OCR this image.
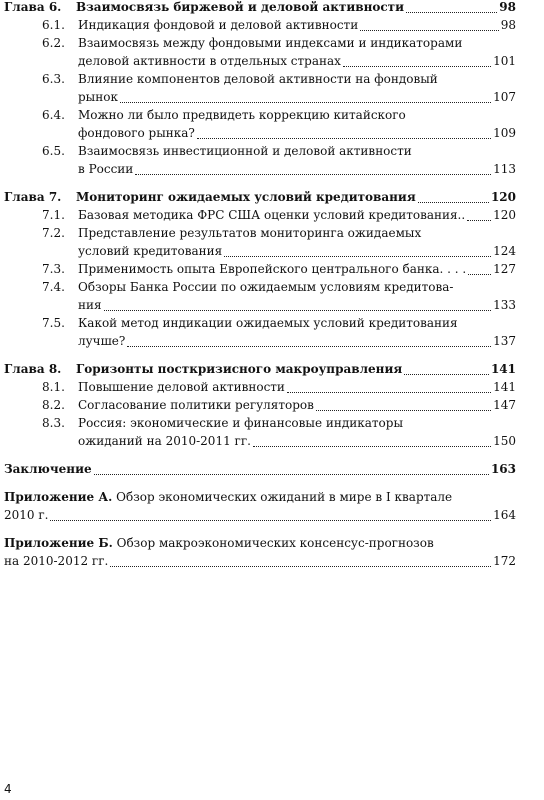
Глава 6.	Взаимосвязь биржевой и деловой активности	98
6.1.	Индикация фондовой и деловой активности	98
6.2.	Взаимосвязь между фондовыми индексами и индикаторами
деловой активности в отдельных странах	101
6.3.	Влияние компонентов деловой активности на фондовый
рынок	107
6.4.	Можно ли было предвидеть коррекцию китайского
фондового рынка?	109
6.5.	Взаимосвязь инвестиционной и деловой активности
в России	113
Глава 7.	Мониторинг ожидаемых условий кредитования	120
7.1.	Базовая методика ФРС США оценки условий кредитования.. 120
7.2.	Представление результатов мониторинга ожидаемых
условий кредитования	124
7.3.	Применимость опыта Европейского центрального банка. . . . 127
7.4.	Обзоры Банка России по ожидаемым условиям кредитова-
ния	133
7.5.	Какой метод индикации ожидаемых условий кредитования
лучше?	137
Глава 8.	Горизонты посткризисного макроуправления	141
8.1.	Повышение деловой активности	141
8.2.	Согласование политики регуляторов	147
8.3.	Россия: экономические и финансовые индикаторы
ожиданий на 2010-2011 гг.	150
Заключение	163
Приложение А. Обзор экономических ожиданий в мире в I квартале
2010 г.	164
Приложение Б. Обзор макроэкономических консенсус-прогнозов
на 2010-2012 гг.	172
4
